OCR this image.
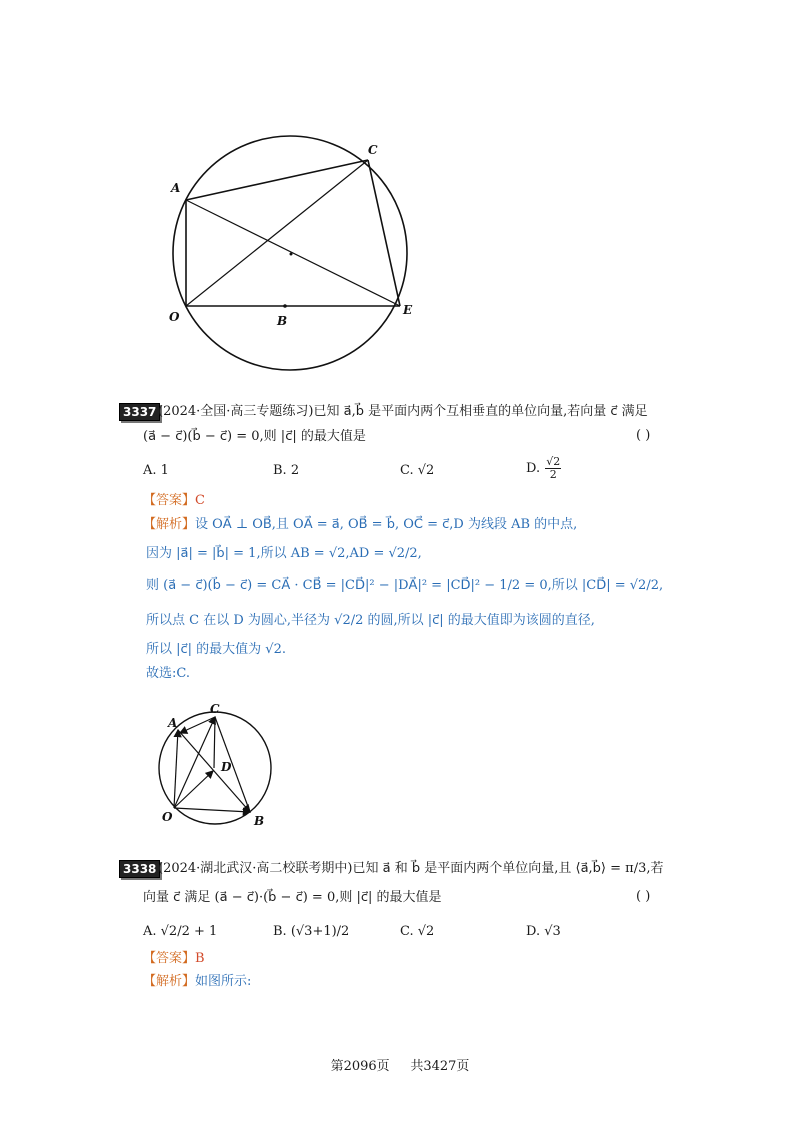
A
C
O	B
E
3337 (2024·全国·高三专题练习)已知 a⃗,b⃗ 是平面内两个互相垂直的单位向量,若向量 c⃗ 满足
(a⃗ − c⃗)(b⃗ − c⃗) = 0,则 |c⃗| 的最大值是	( )
A. 1	B. 2	C. √2	D. $\frac{√2}{2}$
【答案】C
【解析】设 OA⃗ ⊥ OB⃗,且 OA⃗ = a⃗, OB⃗ = b⃗, OC⃗ = c⃗,D 为线段 AB 的中点,
因为 |a⃗| = |b⃗| = 1,所以 AB = √2,AD = √2/2,
则 (a⃗ − c⃗)(b⃗ − c⃗) = CA⃗ · CB⃗ = |CD⃗|² − |DA⃗|² = |CD⃗|² − 1/2 = 0,所以 |CD⃗| = √2/2,
所以点 C 在以 D 为圆心,半径为 √2/2 的圆,所以 |c⃗| 的最大值即为该圆的直径,
所以 |c⃗| 的最大值为 √2.
故选:C.
A
C
D
O	B
3338 (2024·湖北武汉·高二校联考期中)已知 a⃗ 和 b⃗ 是平面内两个单位向量,且 ⟨a⃗,b⃗⟩ = π/3,若
向量 c⃗ 满足 (a⃗ − c⃗)·(b⃗ − c⃗) = 0,则 |c⃗| 的最大值是	( )
A. √2/2 + 1	B. (√3+1)/2	C. √2	D. √3
【答案】B
【解析】如图所示:
第2096页 共3427页
